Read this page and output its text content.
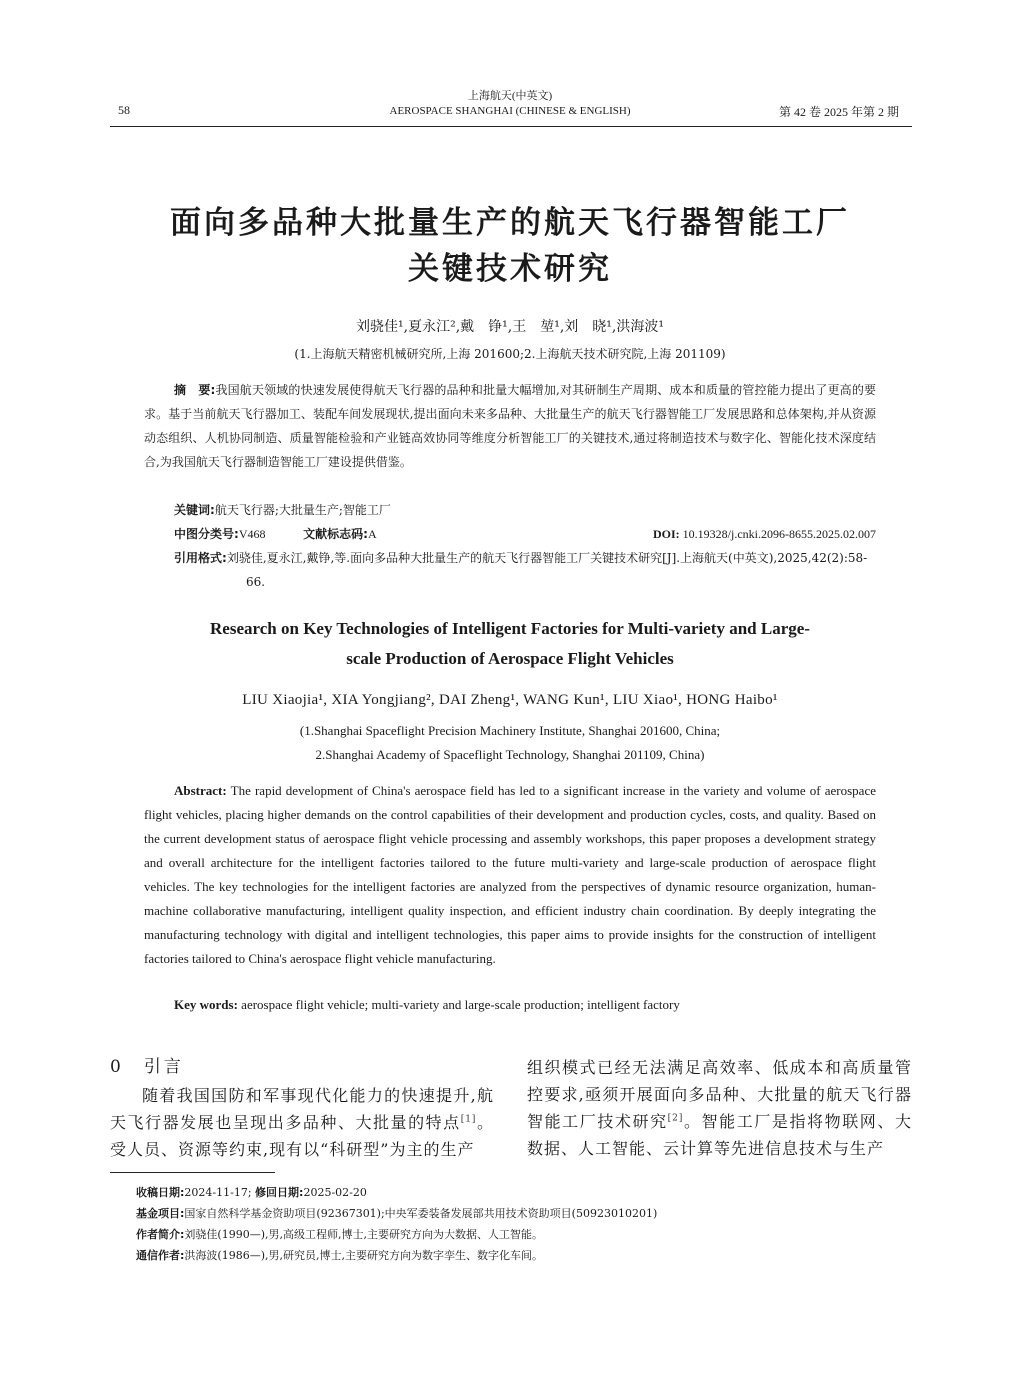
58
上海航天(中英文)
AEROSPACE SHANGHAI (CHINESE & ENGLISH)	第 42 卷 2025 年第 2 期
面向多品种大批量生产的航天飞行器智能工厂
关键技术研究
刘骁佳¹,夏永江²,戴　铮¹,王　堃¹,刘　晓¹,洪海波¹
(1.上海航天精密机械研究所,上海 201600;2.上海航天技术研究院,上海 201109)
摘　要:我国航天领域的快速发展使得航天飞行器的品种和批量大幅增加,对其研制生产周期、成本和质量的管控能力提出了更高的要求。基于当前航天飞行器加工、装配车间发展现状,提出面向未来多品种、大批量生产的航天飞行器智能工厂发展思路和总体架构,并从资源动态组织、人机协同制造、质量智能检验和产业链高效协同等维度分析智能工厂的关键技术,通过将制造技术与数字化、智能化技术深度结合,为我国航天飞行器制造智能工厂建设提供借鉴。
关键词:航天飞行器;大批量生产;智能工厂
中图分类号:V468	文献标志码:A	DOI: 10.19328/j.cnki.2096-8655.2025.02.007
引用格式:刘骁佳,夏永江,戴铮,等.面向多品种大批量生产的航天飞行器智能工厂关键技术研究[J].上海航天(中英文),2025,42(2):58-66.
Research on Key Technologies of Intelligent Factories for Multi-variety and Large-
scale Production of Aerospace Flight Vehicles
LIU Xiaojia¹, XIA Yongjiang², DAI Zheng¹, WANG Kun¹, LIU Xiao¹, HONG Haibo¹
(1.Shanghai Spaceflight Precision Machinery Institute, Shanghai 201600, China;
2.Shanghai Academy of Spaceflight Technology, Shanghai 201109, China)
Abstract: The rapid development of China's aerospace field has led to a significant increase in the variety and volume of aerospace flight vehicles, placing higher demands on the control capabilities of their development and production cycles, costs, and quality. Based on the current development status of aerospace flight vehicle processing and assembly workshops, this paper proposes a development strategy and overall architecture for the intelligent factories tailored to the future multi-variety and large-scale production of aerospace flight vehicles. The key technologies for the intelligent factories are analyzed from the perspectives of dynamic resource organization, human-machine collaborative manufacturing, intelligent quality inspection, and efficient industry chain coordination. By deeply integrating the manufacturing technology with digital and intelligent technologies, this paper aims to provide insights for the construction of intelligent factories tailored to China's aerospace flight vehicle manufacturing.
Key words: aerospace flight vehicle; multi-variety and large-scale production; intelligent factory
0　引言
随着我国国防和军事现代化能力的快速提升,航天飞行器发展也呈现出多品种、大批量的特点[1]。受人员、资源等约束,现有以“科研型”为主的生产
组织模式已经无法满足高效率、低成本和高质量管控要求,亟须开展面向多品种、大批量的航天飞行器智能工厂技术研究[2]。智能工厂是指将物联网、大数据、人工智能、云计算等先进信息技术与生产
收稿日期:2024-11-17; 修回日期:2025-02-20
基金项目:国家自然科学基金资助项目(92367301);中央军委装备发展部共用技术资助项目(50923010201)
作者简介:刘骁佳(1990—),男,高级工程师,博士,主要研究方向为大数据、人工智能。
通信作者:洪海波(1986—),男,研究员,博士,主要研究方向为数字孪生、数字化车间。
